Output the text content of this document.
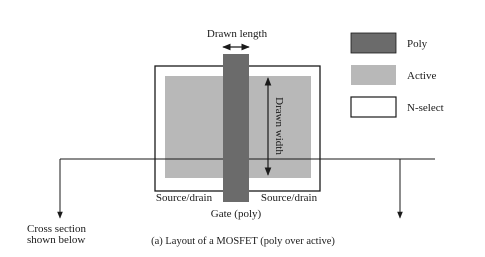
Drawn length
Drawn width
Source/drain	Source/drain
Gate (poly)
Cross section
shown below	(a) Layout of a MOSFET (poly over active)
Poly
Active
N-select
